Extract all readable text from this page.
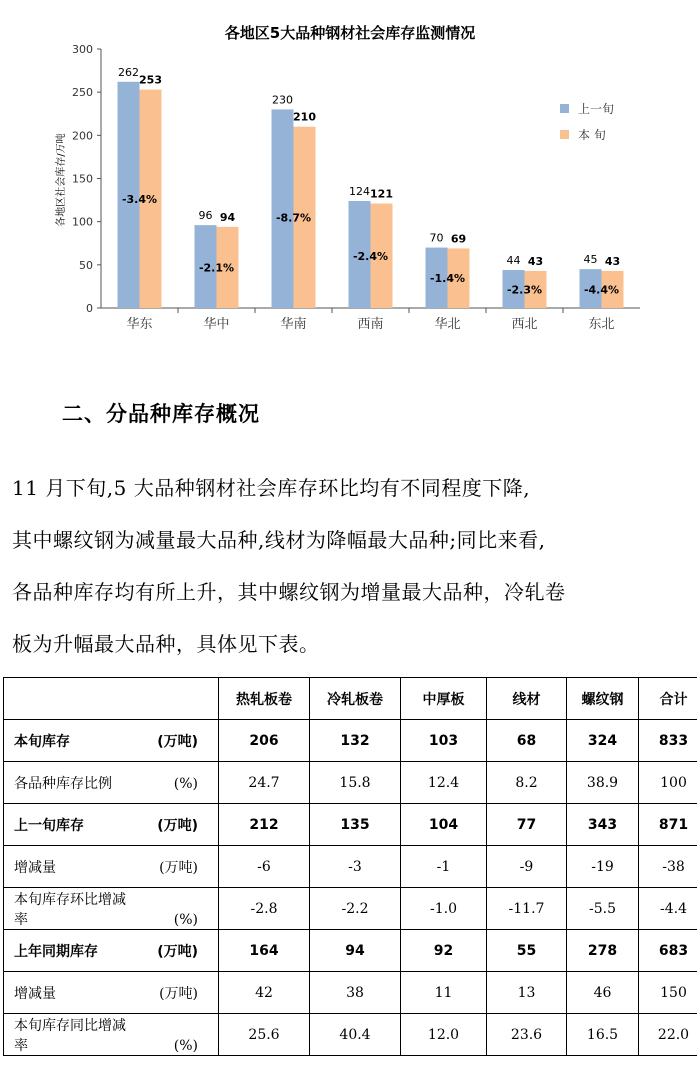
各地区5大品种钢材社会库存监测情况
各地区社会库存/万吨
0
50
100
150
200
250
300
华东	华中	华南	西南	华北	西北	东北
262
253
-3.4%
96 94
-2.1%
230
210
-8.7%
124 121
-2.4%
70 69
-1.4%
44 43
-2.3%
45 43
-4.4%
上一旬
本 旬
二、分品种库存概况

11 月下旬,5 大品种钢材社会库存环比均有不同程度下降,

其中螺纹钢为减量最大品种,线材为降幅最大品种;同比来看,

各品种库存均有所上升，其中螺纹钢为增量最大品种，冷轧卷

板为升幅最大品种，具体见下表。

	热轧板卷	冷轧板卷	中厚板	线材	螺纹钢	合计
本旬库存 (万吨)	206	132	103	68	324	833
各品种库存比例 (%)	24.7	15.8	12.4	8.2	38.9	100
上一旬库存 (万吨)	212	135	104	77	343	871
增减量 (万吨)	-6	-3	-1	-9	-19	-38
本旬库存环比增减率 (%)	-2.8	-2.2	-1.0	-11.7	-5.5	-4.4
上年同期库存 (万吨)	164	94	92	55	278	683
增减量 (万吨)	42	38	11	13	46	150
本旬库存同比增减率 (%)	25.6	40.4	12.0	23.6	16.5	22.0
